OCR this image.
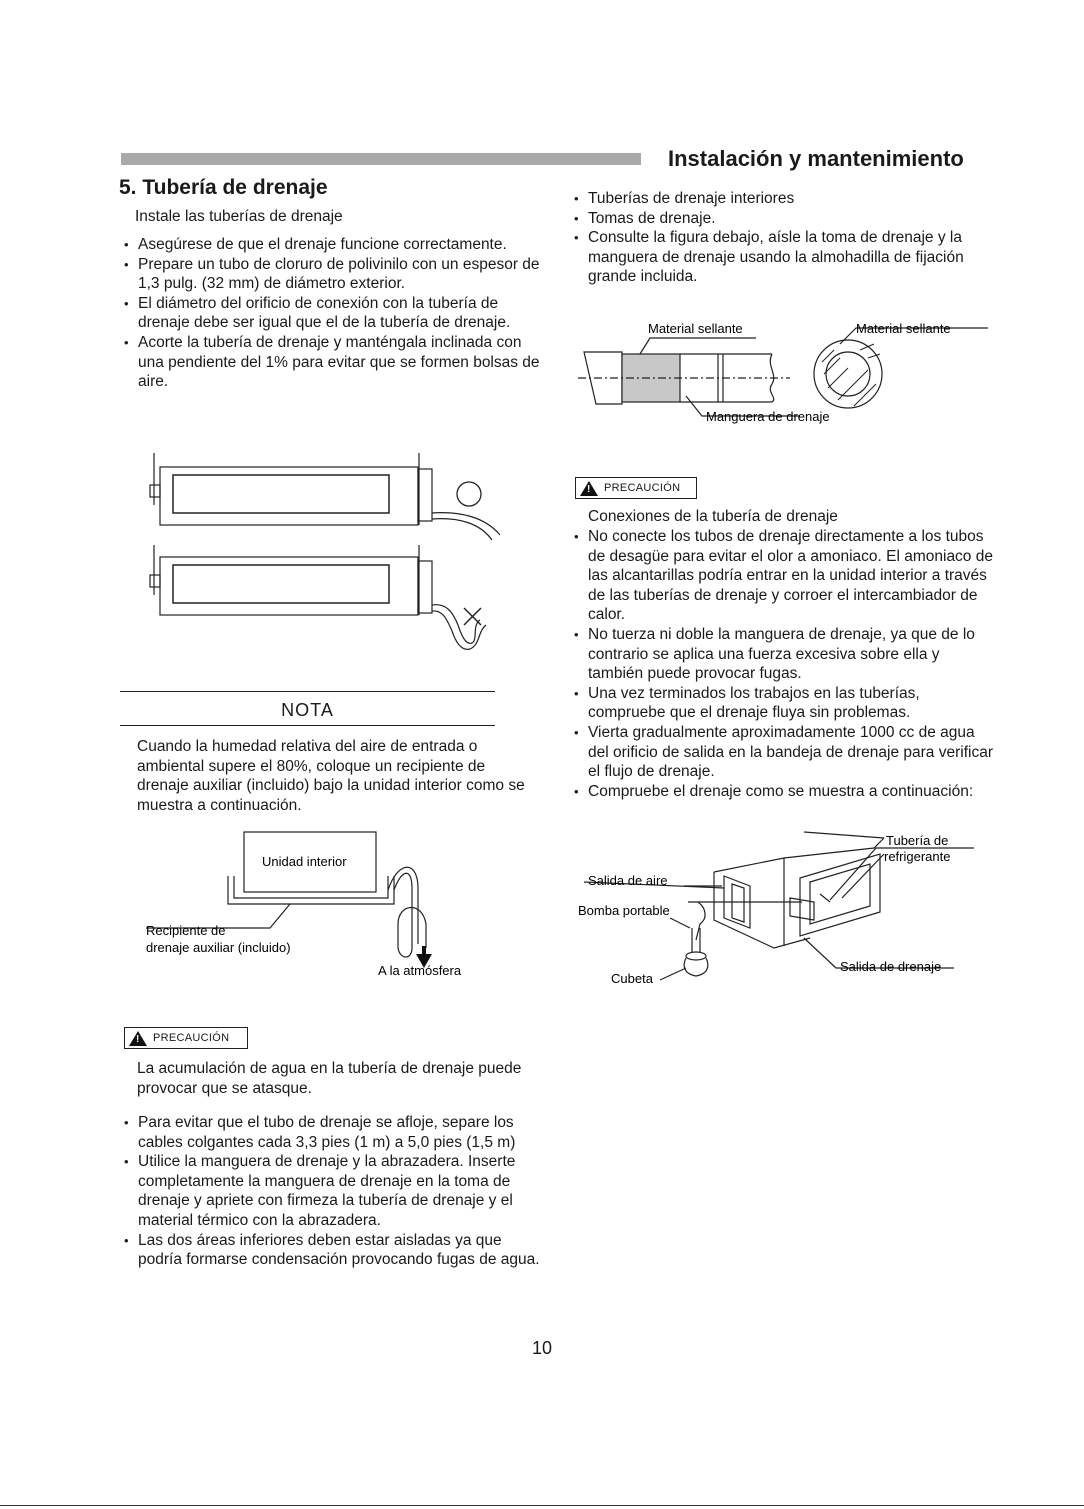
Instalación y mantenimiento
5. Tubería de drenaje
Instale las tuberías de drenaje
• Asegúrese de que el drenaje funcione correctamente.
• Prepare un tubo de cloruro de polivinilo con un espesor de 1,3 pulg. (32 mm) de diámetro exterior.
• El diámetro del orificio de conexión con la tubería de drenaje debe ser igual que el de la tubería de drenaje.
• Acorte la tubería de drenaje y manténgala inclinada con una pendiente del 1% para evitar que se formen bolsas de aire.
NOTA
Cuando la humedad relativa del aire de entrada o ambiental supere el 80%, coloque un recipiente de drenaje auxiliar (incluido) bajo la unidad interior como se muestra a continuación.
Unidad interior
Recipiente de
drenaje auxiliar (incluido)
A la atmósfera
!
PRECAUCIÓN
La acumulación de agua en la tubería de drenaje puede provocar que se atasque.
• Para evitar que el tubo de drenaje se afloje, separe los cables colgantes cada 3,3 pies (1 m) a 5,0 pies (1,5 m)
• Utilice la manguera de drenaje y la abrazadera. Inserte completamente la manguera de drenaje en la toma de drenaje y apriete con firmeza la tubería de drenaje y el material térmico con la abrazadera.
• Las dos áreas inferiores deben estar aisladas ya que podría formarse condensación provocando fugas de agua.
• Tuberías de drenaje interiores
• Tomas de drenaje.
• Consulte la figura debajo, aísle la toma de drenaje y la manguera de drenaje usando la almohadilla de fijación grande incluida.
Material sellante	Material sellante
Manguera de drenaje
!
PRECAUCIÓN
Conexiones de la tubería de drenaje
• No conecte los tubos de drenaje directamente a los tubos de desagüe para evitar el olor a amoniaco. El amoniaco de las alcantarillas podría entrar en la unidad interior a través de las tuberías de drenaje y corroer el intercambiador de calor.
• No tuerza ni doble la manguera de drenaje, ya que de lo contrario se aplica una fuerza excesiva sobre ella y también puede provocar fugas.
• Una vez terminados los trabajos en las tuberías, compruebe que el drenaje fluya sin problemas.
• Vierta gradualmente aproximadamente 1000 cc de agua del orificio de salida en la bandeja de drenaje para verificar el flujo de drenaje.
• Compruebe el drenaje como se muestra a continuación:
Tubería de
refrigerante
Salida de aire
Bomba portable
Cubeta
Salida de drenaje
10
